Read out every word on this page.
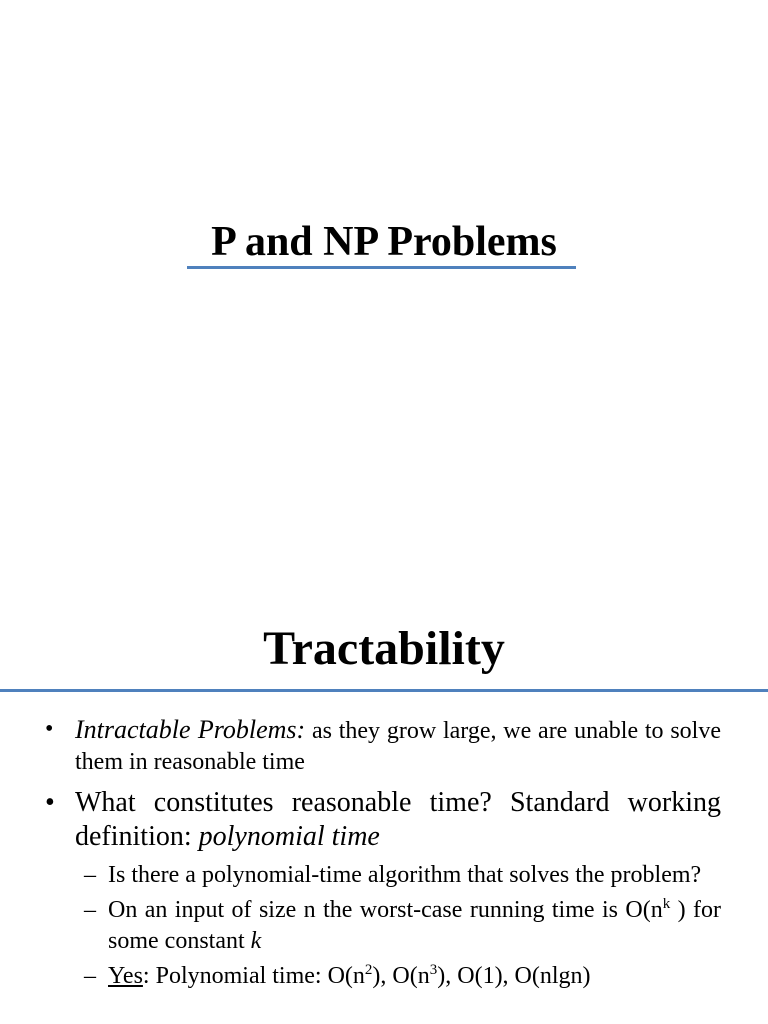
P and NP Problems
Tractability
• Intractable Problems: as they grow large, we are unable to solve them in reasonable time
• What constitutes reasonable time? Standard working definition: polynomial time
– Is there a polynomial-time algorithm that solves the problem?
– On an input of size n the worst-case running time is $O(n^k$ ) for some constant k
– Yes: Polynomial time: $O(n^2)$, $O(n^3)$, O(1), O(nlgn)
